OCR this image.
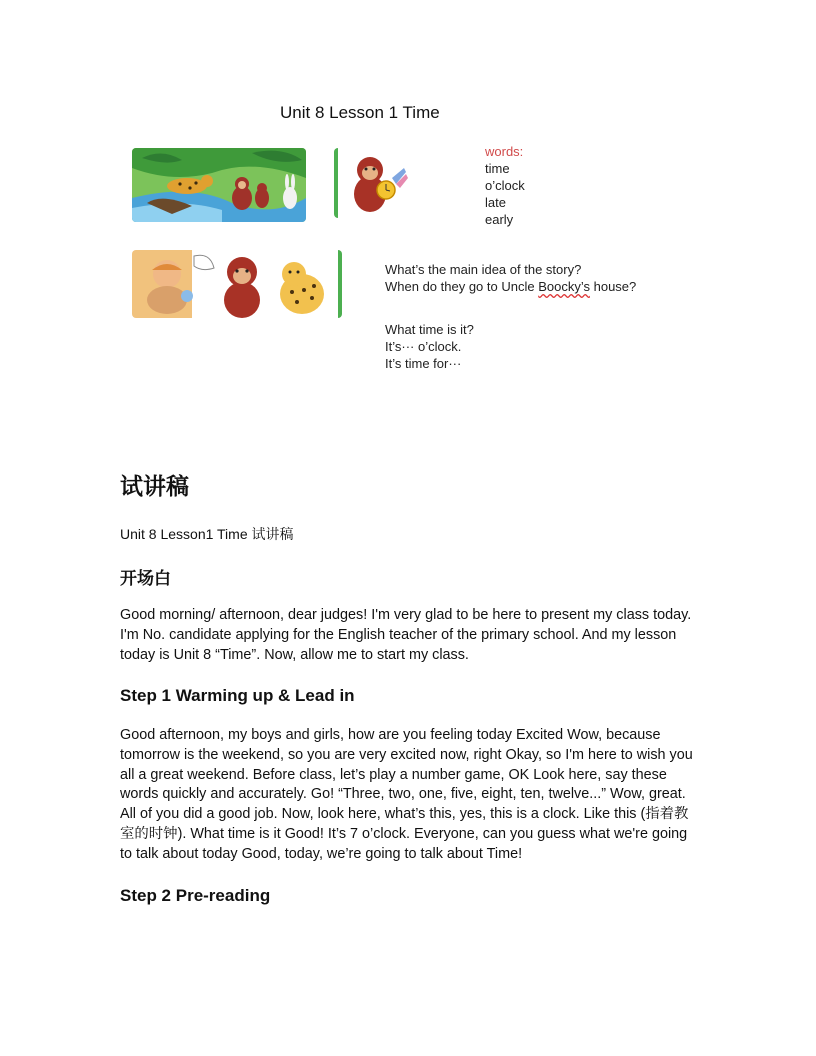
Unit 8 Lesson 1 Time
words:
time
o’clock
late
early
What’s the main idea of the story?
When do they go to Uncle Boocky’s house?
What time is it?
It’s··· o’clock.
It’s time for···
试讲稿
Unit 8 Lesson1 Time 试讲稿
开场白

Good morning/ afternoon, dear judges! I'm very glad to be here to present my class today. I'm No. candidate applying for the English teacher of the primary school. And my lesson today is Unit 8 “Time”. Now, allow me to start my class.

Step 1 Warming up & Lead in

Good afternoon, my boys and girls, how are you feeling today Excited Wow, because tomorrow is the weekend, so you are very excited now, right Okay, so I'm here to wish you all a great weekend. Before class, let’s play a number game, OK Look here, say these words quickly and accurately. Go! “Three, two, one, five, eight, ten, twelve...” Wow, great. All of you did a good job. Now, look here, what’s this, yes, this is a clock. Like this (指着教室的时钟). What time is it Good! It’s 7 o’clock. Everyone, can you guess what we're going to talk about today Good, today, we’re going to talk about Time!

Step 2 Pre-reading
